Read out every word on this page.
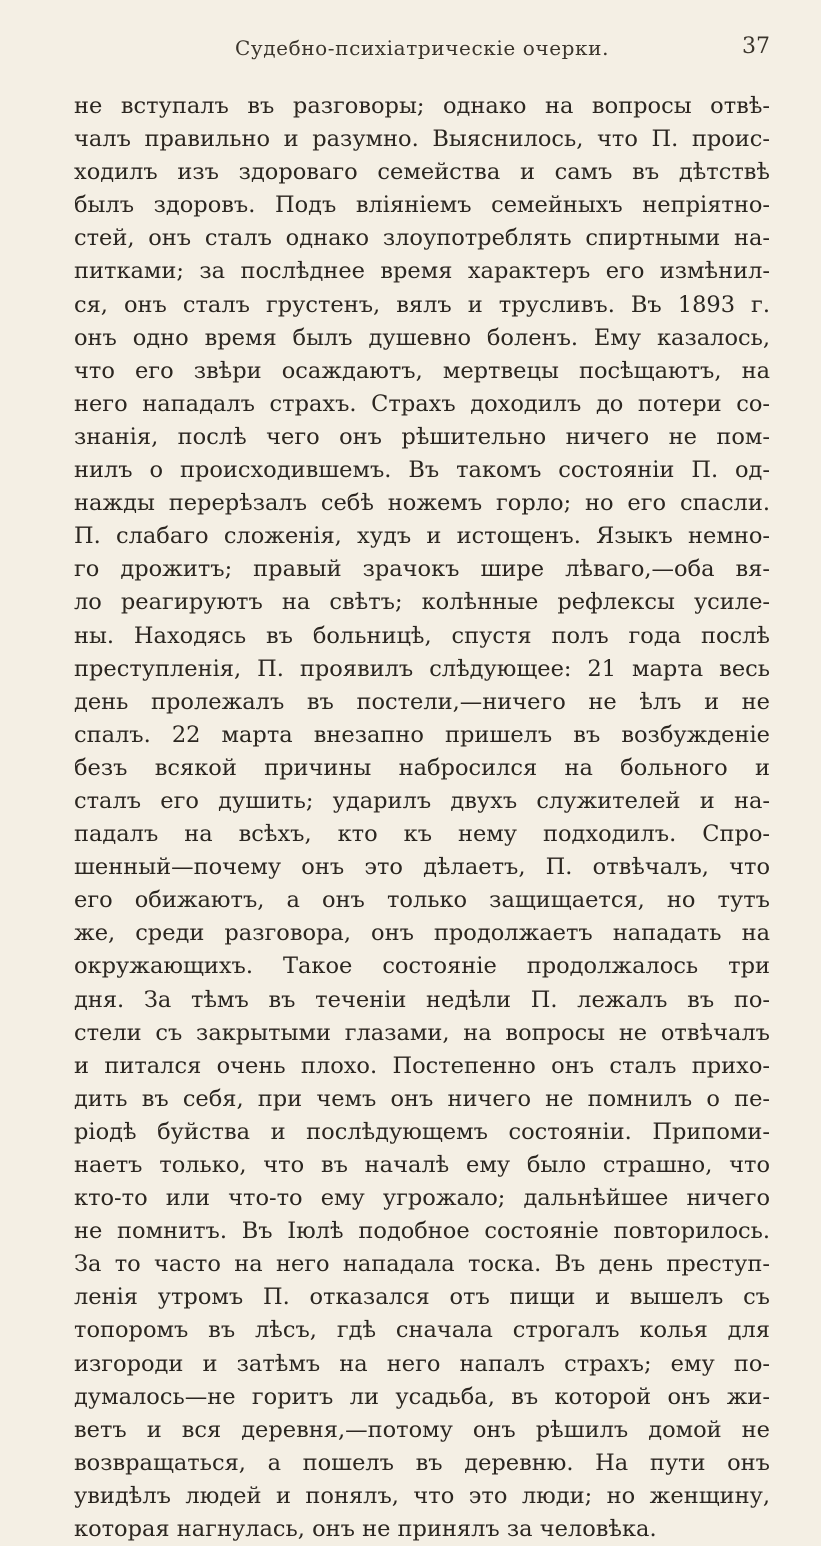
Судебно-психіатрическіе очерки.	37
не вступалъ въ разговоры; однако на вопросы отвѣ-
чалъ правильно и разумно. Выяснилось, что П. проис-
ходилъ изъ здороваго семейства и самъ въ дѣтствѣ
былъ здоровъ. Подъ вліяніемъ семейныхъ непріятно-
стей, онъ сталъ однако злоупотреблять спиртными на-
питками; за послѣднее время характеръ его измѣнил-
ся, онъ сталъ грустенъ, вялъ и трусливъ. Въ 1893 г.
онъ одно время былъ душевно боленъ. Ему казалось,
что его звѣри осаждаютъ, мертвецы посѣщаютъ, на
него нападалъ страхъ. Страхъ доходилъ до потери со-
знанія, послѣ чего онъ рѣшительно ничего не пом-
нилъ о происходившемъ. Въ такомъ состояніи П. од-
нажды перерѣзалъ себѣ ножемъ горло; но его спасли.
П. слабаго сложенія, худъ и истощенъ. Языкъ немно-
го дрожитъ; правый зрачокъ шире лѣваго,—оба вя-
ло реагируютъ на свѣтъ; колѣнные рефлексы усиле-
ны. Находясь въ больницѣ, спустя полъ года послѣ
преступленія, П. проявилъ слѣдующее: 21 марта весь
день пролежалъ въ постели,—ничего не ѣлъ и не
спалъ. 22 марта внезапно пришелъ въ возбужденіе
безъ всякой причины набросился на больного и
сталъ его душить; ударилъ двухъ служителей и на-
падалъ на всѣхъ, кто къ нему подходилъ. Спро-
шенный—почему онъ это дѣлаетъ, П. отвѣчалъ, что
его обижаютъ, а онъ только защищается, но тутъ
же, среди разговора, онъ продолжаетъ нападать на
окружающихъ. Такое состояніе продолжалось три
дня. За тѣмъ въ теченіи недѣли П. лежалъ въ по-
стели съ закрытыми глазами, на вопросы не отвѣчалъ
и питался очень плохо. Постепенно онъ сталъ прихо-
дить въ себя, при чемъ онъ ничего не помнилъ о пе-
ріодѣ буйства и послѣдующемъ состояніи. Припоми-
наетъ только, что въ началѣ ему было страшно, что
кто-то или что-то ему угрожало; дальнѣйшее ничего
не помнитъ. Въ Іюлѣ подобное состояніе повторилось.
За то часто на него нападала тоска. Въ день преступ-
ленія утромъ П. отказался отъ пищи и вышелъ съ
топоромъ въ лѣсъ, гдѣ сначала строгалъ колья для
изгороди и затѣмъ на него напалъ страхъ; ему по-
думалось—не горитъ ли усадьба, въ которой онъ жи-
ветъ и вся деревня,—потому онъ рѣшилъ домой не
возвращаться, а пошелъ въ деревню. На пути онъ
увидѣлъ людей и понялъ, что это люди; но женщину,
которая нагнулась, онъ не принялъ за человѣка.
